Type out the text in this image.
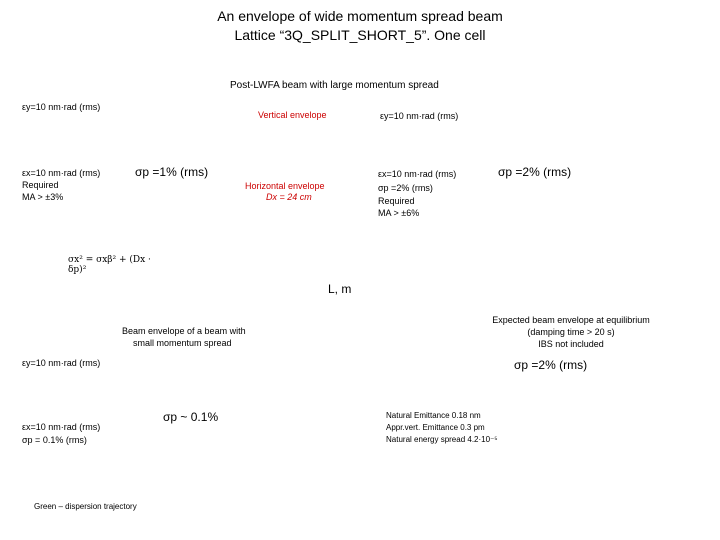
An envelope of wide momentum spread beam
Lattice “3Q_SPLIT_SHORT_5”. One cell
Post-LWFA beam with large momentum spread
εy=10 nm·rad (rms)
εx=10 nm·rad (rms)
Required
MA > ±3%
σp =1% (rms)
Vertical envelope
Horizontal envelope
Dx = 24 cm
εy=10 nm·rad (rms)
εx=10 nm·rad (rms)
σp =2% (rms)
Required
MA > ±6%
σp =2% (rms)
σx² = σxβ² + (Dx · δp)²
L, m
Beam envelope of a beam with
small momentum spread
εy=10 nm·rad (rms)
εx=10 nm·rad (rms)
σp = 0.1% (rms)
σp ~ 0.1%
Green – dispersion trajectory
Expected beam envelope at equilibrium
(damping time > 20 s)
IBS not included
σp =2% (rms)
Natural Emittance 0.18 nm
Appr.vert. Emittance 0.3 pm
Natural energy spread 4.2·10⁻⁵
